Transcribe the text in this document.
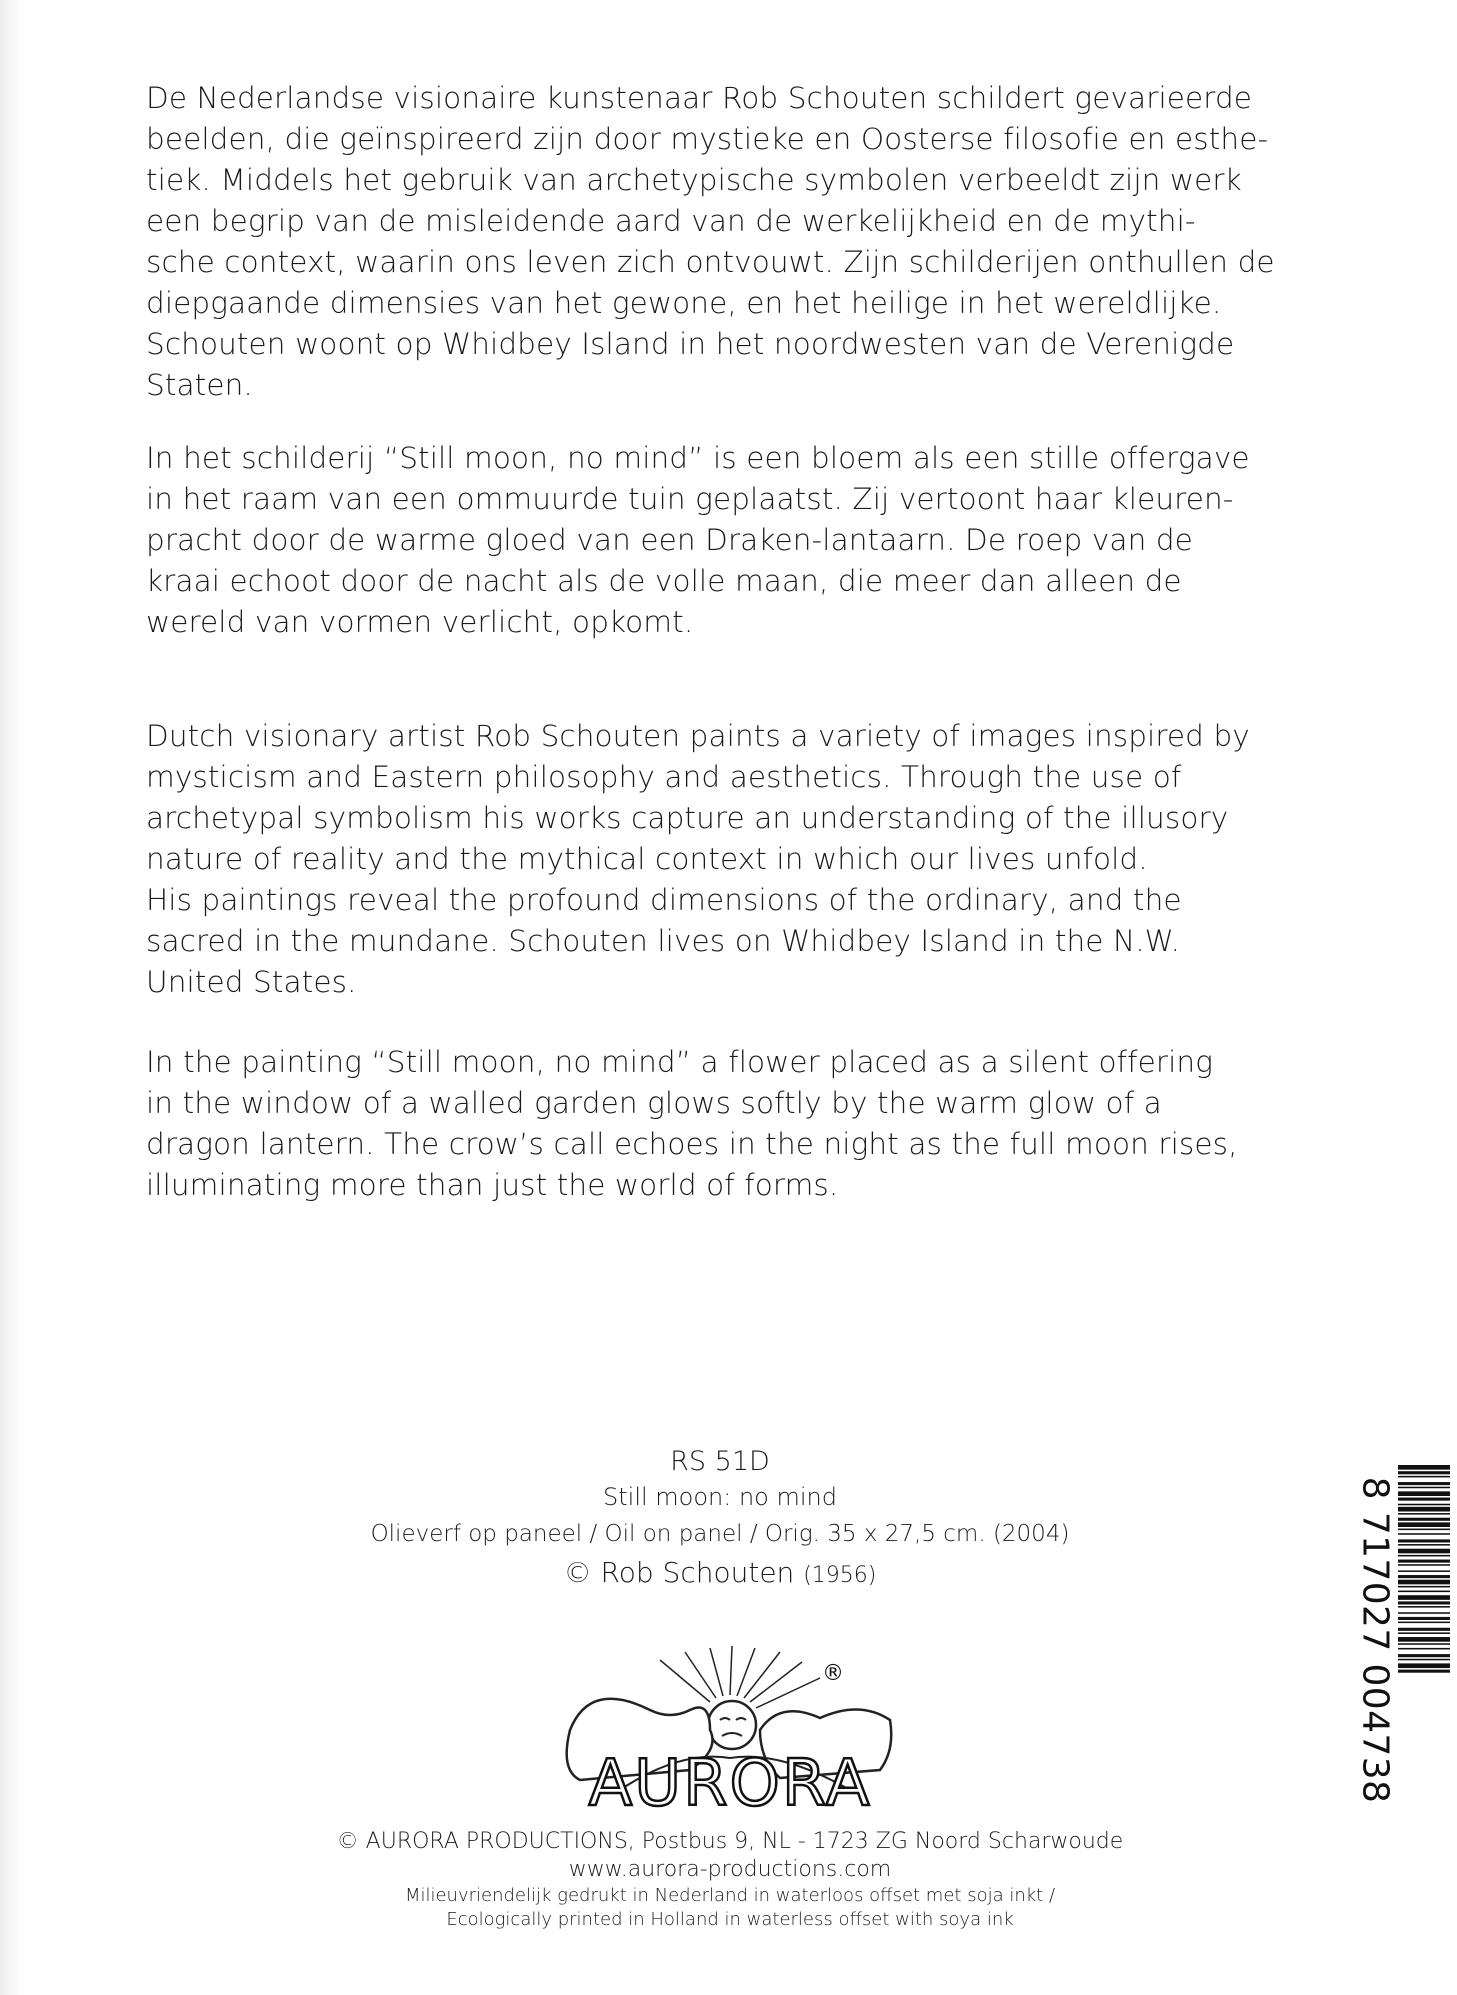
De Nederlandse visionaire kunstenaar Rob Schouten schildert gevarieerde
beelden, die geïnspireerd zijn door mystieke en Oosterse filosofie en esthe-
tiek. Middels het gebruik van archetypische symbolen verbeeldt zijn werk
een begrip van de misleidende aard van de werkelijkheid en de mythi-
sche context, waarin ons leven zich ontvouwt. Zijn schilderijen onthullen de
diepgaande dimensies van het gewone, en het heilige in het wereldlijke.
Schouten woont op Whidbey Island in het noordwesten van de Verenigde
Staten.
In het schilderij “Still moon, no mind” is een bloem als een stille offergave
in het raam van een ommuurde tuin geplaatst. Zij vertoont haar kleuren-
pracht door de warme gloed van een Draken-lantaarn. De roep van de
kraai echoot door de nacht als de volle maan, die meer dan alleen de
wereld van vormen verlicht, opkomt.
Dutch visionary artist Rob Schouten paints a variety of images inspired by
mysticism and Eastern philosophy and aesthetics. Through the use of
archetypal symbolism his works capture an understanding of the illusory
nature of reality and the mythical context in which our lives unfold.
His paintings reveal the profound dimensions of the ordinary, and the
sacred in the mundane. Schouten lives on Whidbey Island in the N.W.
United States.
In the painting “Still moon, no mind” a flower placed as a silent offering
in the window of a walled garden glows softly by the warm glow of a
dragon lantern. The crow’s call echoes in the night as the full moon rises,
illuminating more than just the world of forms.
RS 51D
Still moon: no mind
Olieverf op paneel / Oil on panel / Orig. 35 x 27,5 cm. (2004)
© Rob Schouten (1956)
AURORA
®
© AURORA PRODUCTIONS, Postbus 9, NL - 1723 ZG Noord Scharwoude
www.aurora-productions.com
Milieuvriendelijk gedrukt in Nederland in waterloos offset met soja inkt /
Ecologically printed in Holland in waterless offset with soya ink
8 717027 004738
